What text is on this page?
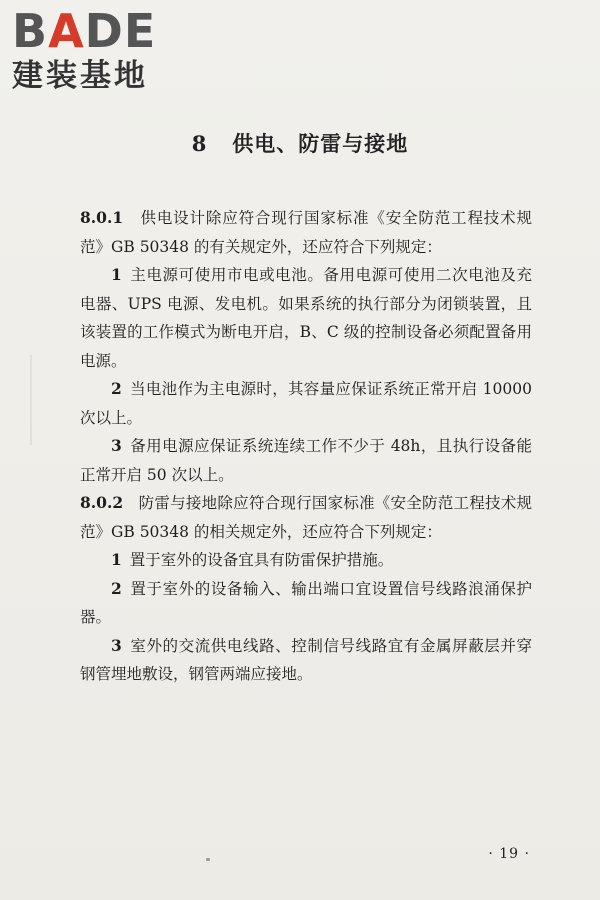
BADE
建装基地
8   供电、防雷与接地

8.0.1 供电设计除应符合现行国家标准《安全防范工程技术规范》GB 50348 的有关规定外，还应符合下列规定：

1 主电源可使用市电或电池。备用电源可使用二次电池及充电器、UPS 电源、发电机。如果系统的执行部分为闭锁装置，且该装置的工作模式为断电开启，B、C 级的控制设备必须配置备用电源。

2 当电池作为主电源时，其容量应保证系统正常开启 10000 次以上。

3 备用电源应保证系统连续工作不少于 48h，且执行设备能正常开启 50 次以上。

8.0.2 防雷与接地除应符合现行国家标准《安全防范工程技术规范》GB 50348 的相关规定外，还应符合下列规定：

1 置于室外的设备宜具有防雷保护措施。

2 置于室外的设备输入、输出端口宜设置信号线路浪涌保护器。

3 室外的交流供电线路、控制信号线路宜有金属屏蔽层并穿钢管埋地敷设，钢管两端应接地。

· 19 ·
